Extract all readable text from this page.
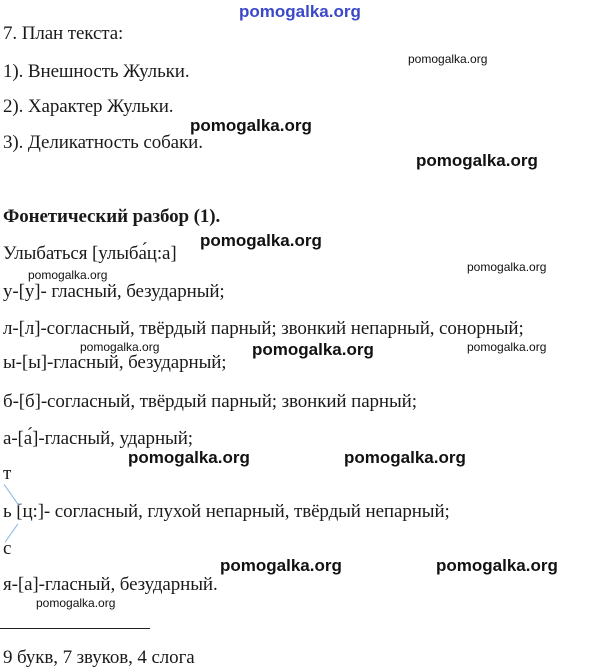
7. План текста:
1). Внешность Жульки.
2). Характер Жульки.
3). Деликатность собаки.
Фонетический разбор (1).
Улыбаться [улыба́ц:а]
у-[у]- гласный, безударный;
л-[л]-согласный, твёрдый парный; звонкий непарный, сонорный;
ы-[ы]-гласный, безударный;
б-[б]-согласный, твёрдый парный; звонкий парный;
а-[а́]-гласный, ударный;
т
ь [ц:]- согласный, глухой непарный, твёрдый непарный;
с
я-[а]-гласный, безударный.
9 букв, 7 звуков, 4 слога
pomogalka.org
pomogalka.org
pomogalka.org
pomogalka.org
pomogalka.org
pomogalka.org
pomogalka.org
pomogalka.org	pomogalka.org	pomogalka.org
pomogalka.org	pomogalka.org
pomogalka.org	pomogalka.org
pomogalka.org
